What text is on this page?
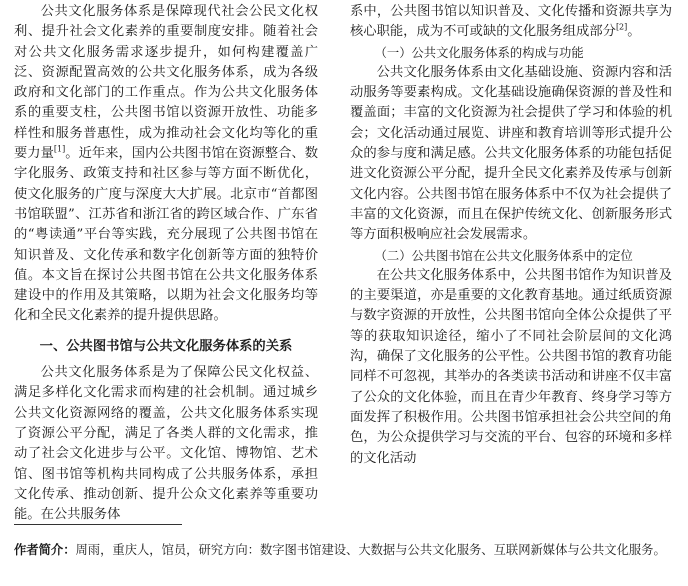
公共文化服务体系是保障现代社会公民文化权利、提升社会文化素养的重要制度安排。随着社会对公共文化服务需求逐步提升，如何构建覆盖广泛、资源配置高效的公共文化服务体系，成为各级政府和文化部门的工作重点。作为公共文化服务体系的重要支柱，公共图书馆以资源开放性、功能多样性和服务普惠性，成为推动社会文化均等化的重要力量[1]。近年来，国内公共图书馆在资源整合、数字化服务、政策支持和社区参与等方面不断优化，使文化服务的广度与深度大大扩展。北京市“首都图书馆联盟”、江苏省和浙江省的跨区域合作、广东省的“粤读通”平台等实践，充分展现了公共图书馆在知识普及、文化传承和数字化创新等方面的独特价值。本文旨在探讨公共图书馆在公共文化服务体系建设中的作用及其策略，以期为社会文化服务均等化和全民文化素养的提升提供思路。

一、公共图书馆与公共文化服务体系的关系

公共文化服务体系是为了保障公民文化权益、满足多样化文化需求而构建的社会机制。通过城乡公共文化资源网络的覆盖，公共文化服务体系实现了资源公平分配，满足了各类人群的文化需求，推动了社会文化进步与公平。文化馆、博物馆、艺术馆、图书馆等机构共同构成了公共服务体系，承担文化传承、推动创新、提升公众文化素养等重要功能。在公共服务体

系中，公共图书馆以知识普及、文化传播和资源共享为核心职能，成为不可或缺的文化服务组成部分[2]。

（一）公共文化服务体系的构成与功能

公共文化服务体系由文化基础设施、资源内容和活动服务等要素构成。文化基础设施确保资源的普及性和覆盖面；丰富的文化资源为社会提供了学习和体验的机会；文化活动通过展览、讲座和教育培训等形式提升公众的参与度和满足感。公共文化服务体系的功能包括促进文化资源公平分配，提升全民文化素养及传承与创新文化内容。公共图书馆在服务体系中不仅为社会提供了丰富的文化资源，而且在保护传统文化、创新服务形式等方面积极响应社会发展需求。

（二）公共图书馆在公共文化服务体系中的定位

在公共文化服务体系中，公共图书馆作为知识普及的主要渠道，亦是重要的文化教育基地。通过纸质资源与数字资源的开放性，公共图书馆向全体公众提供了平等的获取知识途径，缩小了不同社会阶层间的文化鸿沟，确保了文化服务的公平性。公共图书馆的教育功能同样不可忽视，其举办的各类读书活动和讲座不仅丰富了公众的文化体验，而且在青少年教育、终身学习等方面发挥了积极作用。公共图书馆承担社会公共空间的角色，为公众提供学习与交流的平台、包容的环境和多样的文化活动

作者简介：周雨，重庆人，馆员，研究方向：数字图书馆建设、大数据与公共文化服务、互联网新媒体与公共文化服务。
